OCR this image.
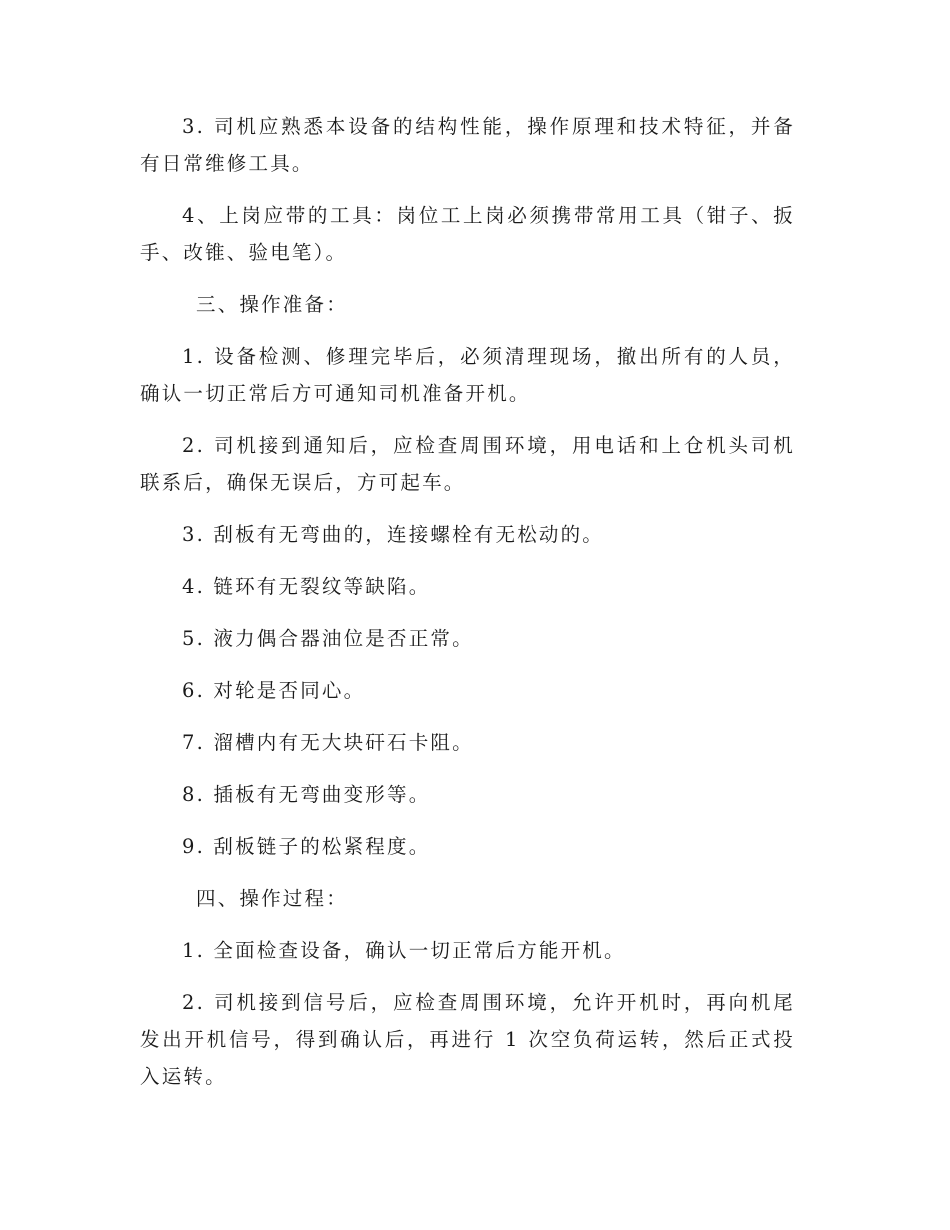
3. 司机应熟悉本设备的结构性能，操作原理和技术特征，并备有日常维修工具。

4、上岗应带的工具：岗位工上岗必须携带常用工具（钳子、扳手、改锥、验电笔）。

三、操作准备：

1. 设备检测、修理完毕后，必须清理现场，撤出所有的人员，确认一切正常后方可通知司机准备开机。

2. 司机接到通知后，应检查周围环境，用电话和上仓机头司机联系后，确保无误后，方可起车。

3. 刮板有无弯曲的，连接螺栓有无松动的。

4. 链环有无裂纹等缺陷。

5. 液力偶合器油位是否正常。

6. 对轮是否同心。

7. 溜槽内有无大块矸石卡阻。

8. 插板有无弯曲变形等。

9. 刮板链子的松紧程度。

四、操作过程：

1. 全面检查设备，确认一切正常后方能开机。

2. 司机接到信号后，应检查周围环境，允许开机时，再向机尾发出开机信号，得到确认后，再进行 1 次空负荷运转，然后正式投入运转。
